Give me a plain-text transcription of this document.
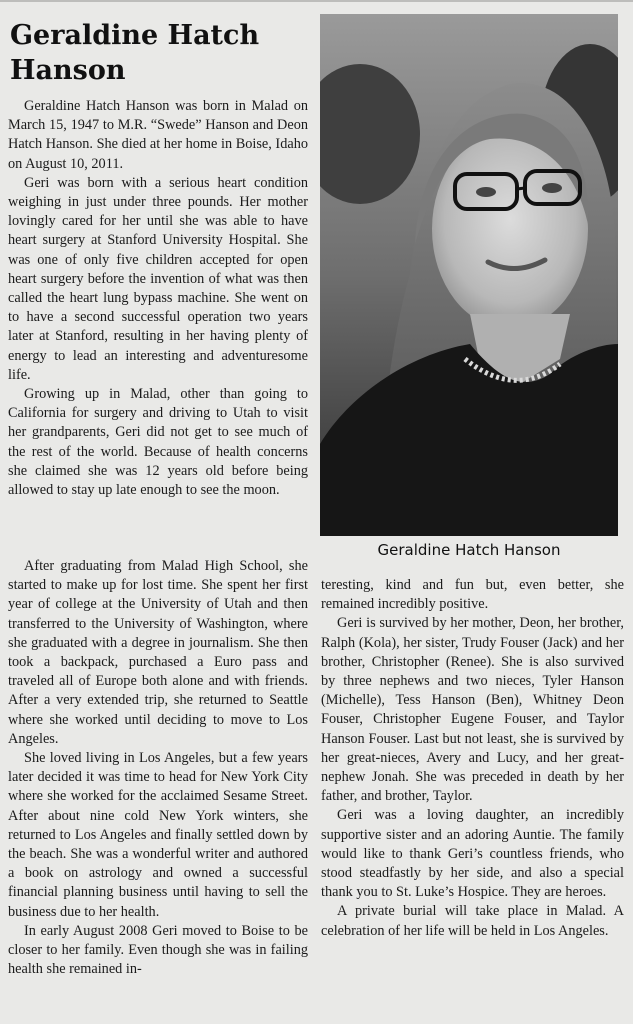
Geraldine Hatch
Hanson

Geraldine Hatch Hanson was born in Malad on March 15, 1947 to M.R. “Swede” Hanson and Deon Hatch Hanson. She died at her home in Boise, Idaho on August 10, 2011.

Geri was born with a serious heart condition weighing in just under three pounds. Her mother lovingly cared for her until she was able to have heart surgery at Stanford University Hospital. She was one of only five children accepted for open heart surgery before the invention of what was then called the heart lung bypass machine. She went on to have a second successful operation two years later at Stanford, resulting in her having plenty of energy to lead an interesting and adventuresome life.

Growing up in Malad, other than going to California for surgery and driving to Utah to visit her grandparents, Geri did not get to see much of the rest of the world. Because of health concerns she claimed she was 12 years old before being allowed to stay up late enough to see the moon.

After graduating from Malad High School, she started to make up for lost time. She spent her first year of college at the University of Utah and then transferred to the University of Washington, where she graduated with a degree in journalism. She then took a backpack, purchased a Euro pass and traveled all of Europe both alone and with friends. After a very extended trip, she returned to Seattle where she worked until deciding to move to Los Angeles.

She loved living in Los Angeles, but a few years later decided it was time to head for New York City where she worked for the acclaimed Sesame Street. After about nine cold New York winters, she returned to Los Angeles and finally settled down by the beach. She was a wonderful writer and authored a book on astrology and owned a successful financial planning business until having to sell the business due to her health.

In early August 2008 Geri moved to Boise to be closer to her family. Even though she was in failing health she remained in-

Geraldine Hatch Hanson

teresting, kind and fun but, even better, she remained incredibly positive.

Geri is survived by her mother, Deon, her brother, Ralph (Kola), her sister, Trudy Fouser (Jack) and her brother, Christopher (Renee). She is also survived by three nephews and two nieces, Tyler Hanson (Michelle), Tess Hanson (Ben), Whitney Deon Fouser, Christopher Eugene Fouser, and Taylor Hanson Fouser. Last but not least, she is survived by her great-nieces, Avery and Lucy, and her great-nephew Jonah. She was preceded in death by her father, and brother, Taylor.

Geri was a loving daughter, an incredibly supportive sister and an adoring Auntie. The family would like to thank Geri’s countless friends, who stood steadfastly by her side, and also a special thank you to St. Luke’s Hospice. They are heroes.

A private burial will take place in Malad. A celebration of her life will be held in Los Angeles.
